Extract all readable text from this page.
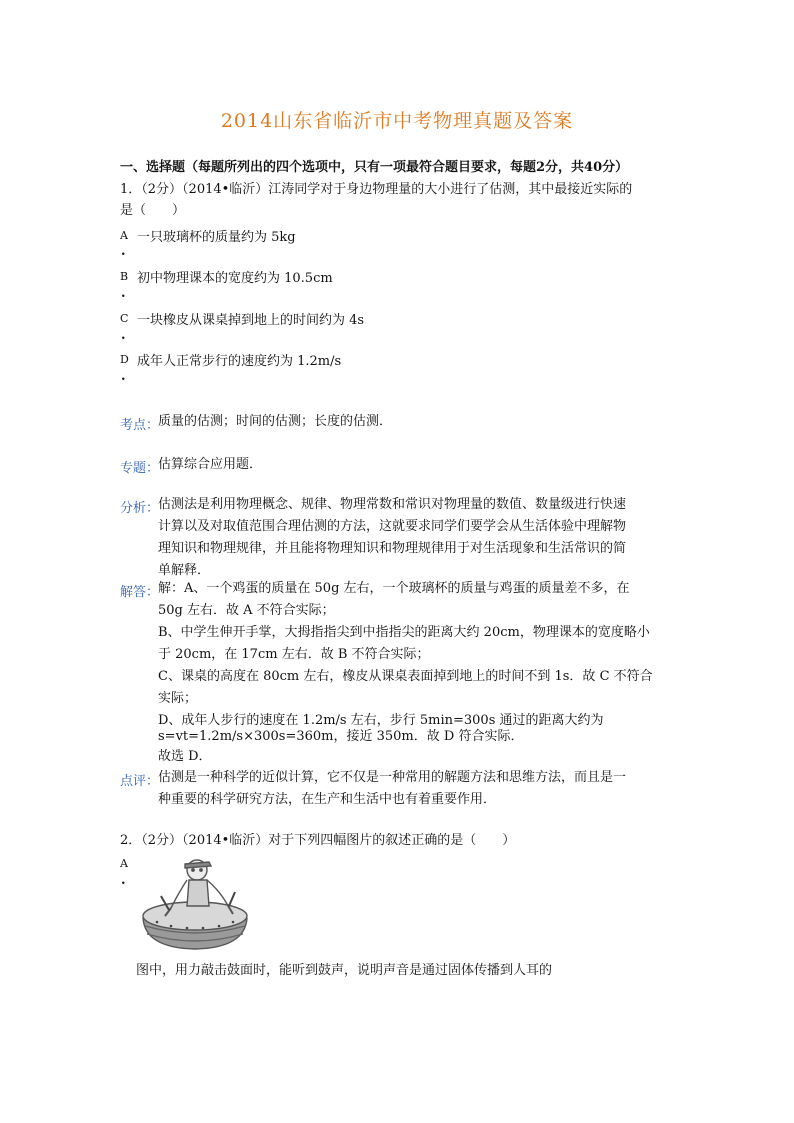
2014山东省临沂市中考物理真题及答案
一、选择题（每题所列出的四个选项中，只有一项最符合题目要求，每题2分，共40分）
1．（2分）（2014•临沂）江涛同学对于身边物理量的大小进行了估测，其中最接近实际的
是（　　）
A 一只玻璃杯的质量约为 5kg
.
B 初中物理课本的宽度约为 10.5cm
.
C 一块橡皮从课桌掉到地上的时间约为 4s
.
D 成年人正常步行的速度约为 1.2m/s
.
考点：
质量的估测；时间的估测；长度的估测．
专题：
估算综合应用题．
分析：
估测法是利用物理概念、规律、物理常数和常识对物理量的数值、数量级进行快速
计算以及对取值范围合理估测的方法，这就要求同学们要学会从生活体验中理解物
理知识和物理规律，并且能将物理知识和物理规律用于对生活现象和生活常识的简
单解释．
解答：
解：A、一个鸡蛋的质量在 50g 左右，一个玻璃杯的质量与鸡蛋的质量差不多，在
50g 左右．故 A 不符合实际；
B、中学生伸开手掌，大拇指指尖到中指指尖的距离大约 20cm，物理课本的宽度略小
于 20cm，在 17cm 左右．故 B 不符合实际；
C、课桌的高度在 80cm 左右，橡皮从课桌表面掉到地上的时间不到 1s．故 C 不符合
实际；
D、成年人步行的速度在 1.2m/s 左右，步行 5min=300s 通过的距离大约为
s=vt=1.2m/s×300s=360m，接近 350m．故 D 符合实际．
故选 D．
点评：
估测是一种科学的近似计算，它不仅是一种常用的解题方法和思维方法，而且是一
种重要的科学研究方法，在生产和生活中也有着重要作用．
2．（2分）（2014•临沂）对于下列四幅图片的叙述正确的是（　　）
A
.
图中，用力敲击鼓面时，能听到鼓声，说明声音是通过固体传播到人耳的
